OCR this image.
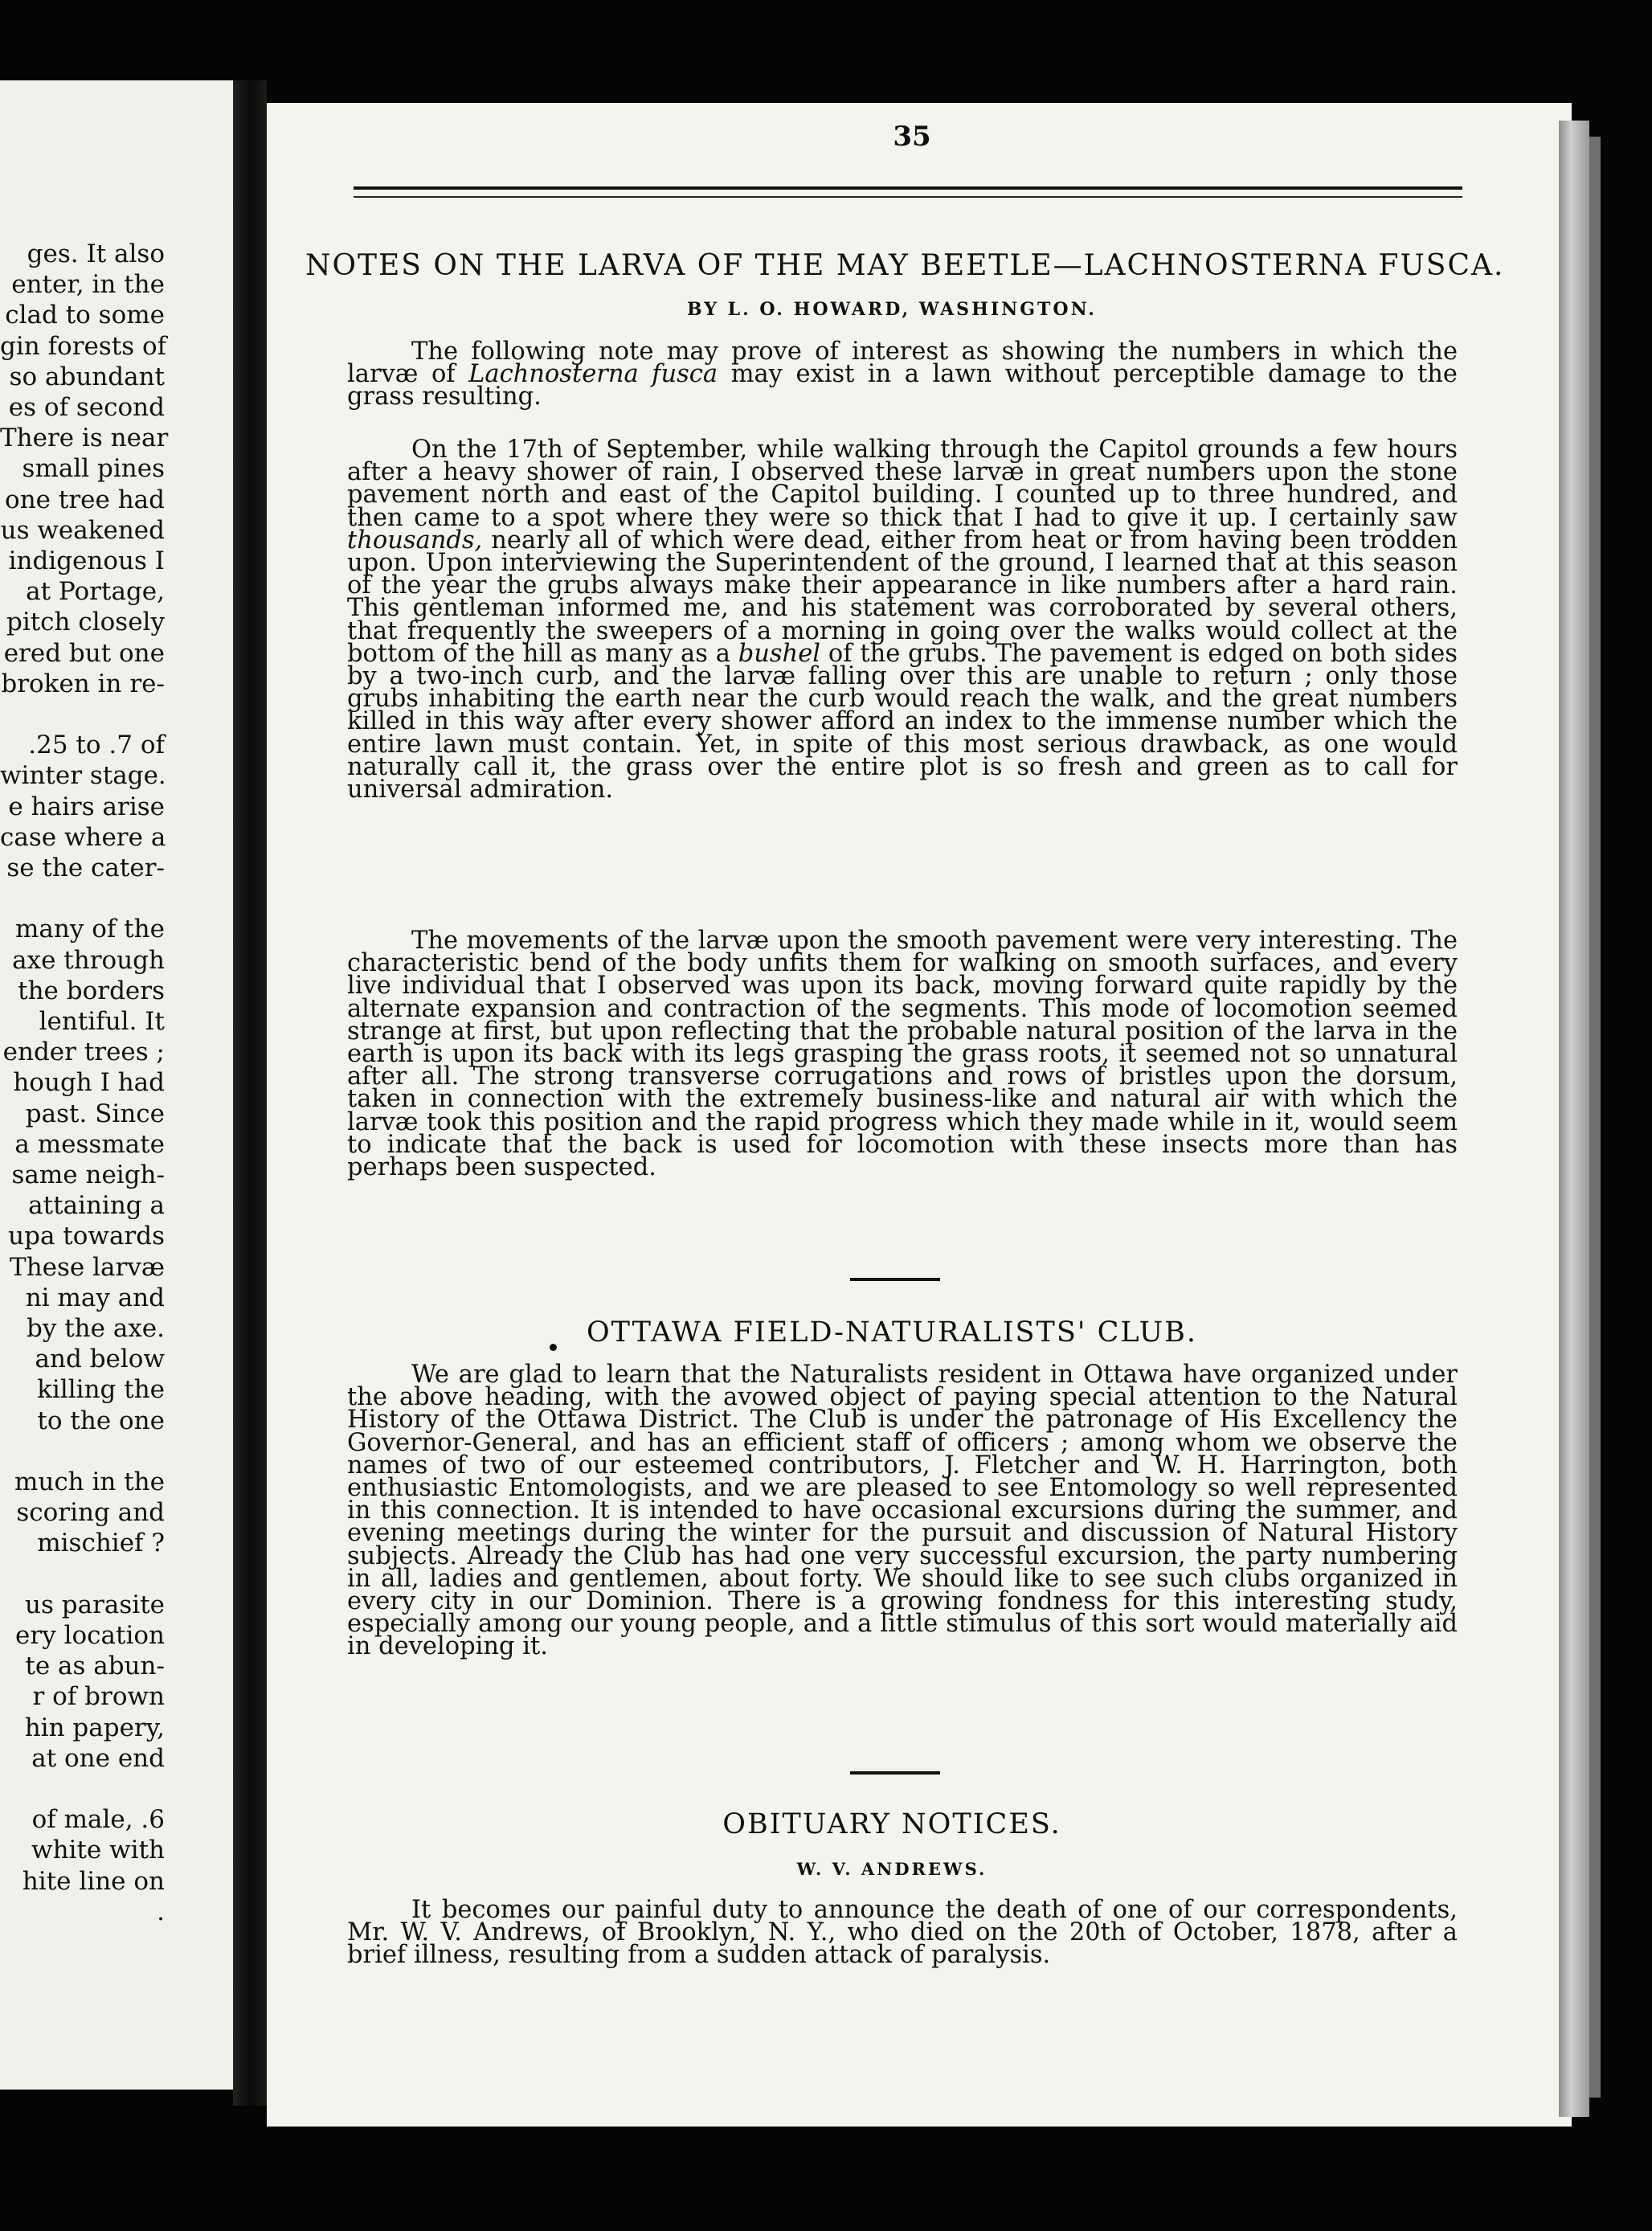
ges. It also
enter, in the
clad to some
gin forests of
so abundant
es of second
There is near
small pines
one tree had
us weakened
indigenous I
at Portage,
pitch closely
ered but one
broken in re-
.25 to .7 of
winter stage.
e hairs arise
case where a
se the cater-
many of the
axe through
the borders
lentiful. It
ender trees ;
hough I had
past. Since
a messmate
same neigh-
attaining a
upa towards
These larvæ
ni may and
by the axe.
and below
killing the
to the one
much in the
scoring and
mischief ?
us parasite
ery location
te as abun-
r of brown
hin papery,
at one end
of male, .6
white with
hite line on
.
35
NOTES ON THE LARVA OF THE MAY BEETLE—LACHNOSTERNA FUSCA.
BY L. O. HOWARD, WASHINGTON.
The following note may prove of interest as showing the numbers in which the larvæ of Lachnosterna fusca may exist in a lawn without perceptible damage to the grass resulting.
On the 17th of September, while walking through the Capitol grounds a few hours after a heavy shower of rain, I observed these larvæ in great numbers upon the stone pavement north and east of the Capitol building. I counted up to three hundred, and then came to a spot where they were so thick that I had to give it up. I certainly saw thousands, nearly all of which were dead, either from heat or from having been trodden upon. Upon interviewing the Superintendent of the ground, I learned that at this season of the year the grubs always make their appearance in like numbers after a hard rain. This gentleman informed me, and his statement was corroborated by several others, that frequently the sweepers of a morning in going over the walks would collect at the bottom of the hill as many as a bushel of the grubs. The pavement is edged on both sides by a two-inch curb, and the larvæ falling over this are unable to return ; only those grubs inhabiting the earth near the curb would reach the walk, and the great numbers killed in this way after every shower afford an index to the immense number which the entire lawn must contain. Yet, in spite of this most serious drawback, as one would naturally call it, the grass over the entire plot is so fresh and green as to call for universal admiration.
The movements of the larvæ upon the smooth pavement were very interesting. The characteristic bend of the body unfits them for walking on smooth surfaces, and every live individual that I observed was upon its back, moving forward quite rapidly by the alternate expansion and contraction of the segments. This mode of locomotion seemed strange at first, but upon reflecting that the probable natural position of the larva in the earth is upon its back with its legs grasping the grass roots, it seemed not so unnatural after all. The strong transverse corrugations and rows of bristles upon the dorsum, taken in connection with the extremely business-like and natural air with which the larvæ took this position and the rapid progress which they made while in it, would seem to indicate that the back is used for locomotion with these insects more than has perhaps been suspected.
OTTAWA FIELD-NATURALISTS' CLUB.
We are glad to learn that the Naturalists resident in Ottawa have organized under the above heading, with the avowed object of paying special attention to the Natural History of the Ottawa District. The Club is under the patronage of His Excellency the Governor-General, and has an efficient staff of officers ; among whom we observe the names of two of our esteemed contributors, J. Fletcher and W. H. Harrington, both enthusiastic Entomologists, and we are pleased to see Entomology so well represented in this connection. It is intended to have occasional excursions during the summer, and evening meetings during the winter for the pursuit and discussion of Natural History subjects. Already the Club has had one very successful excursion, the party numbering in all, ladies and gentlemen, about forty. We should like to see such clubs organized in every city in our Dominion. There is a growing fondness for this interesting study, especially among our young people, and a little stimulus of this sort would materially aid in developing it.
OBITUARY NOTICES.
W. V. ANDREWS.
It becomes our painful duty to announce the death of one of our correspondents, Mr. W. V. Andrews, of Brooklyn, N. Y., who died on the 20th of October, 1878, after a brief illness, resulting from a sudden attack of paralysis.
